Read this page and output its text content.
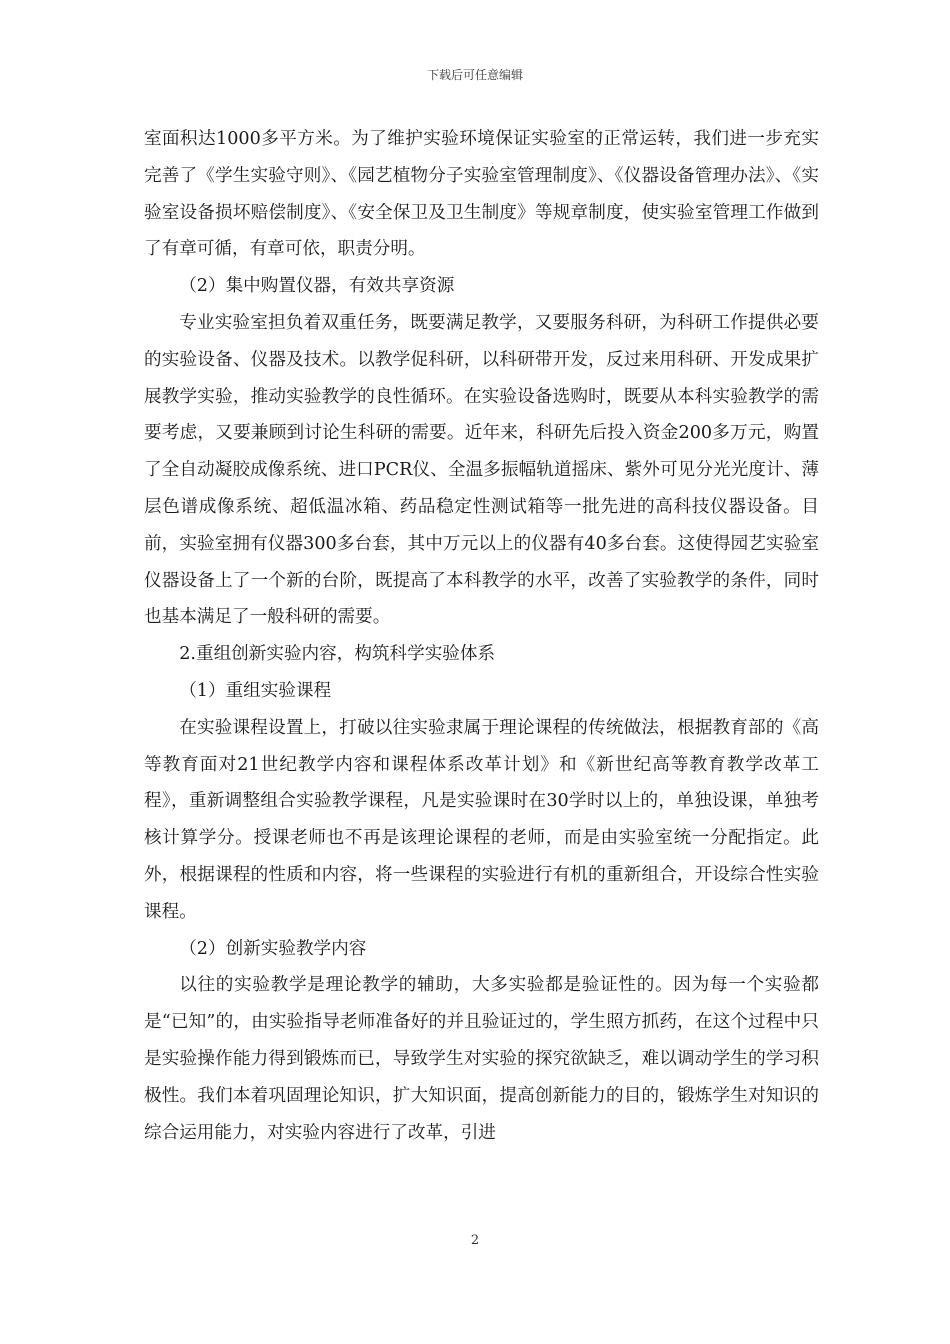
下载后可任意编辑

室面积达1000多平方米。为了维护实验环境保证实验室的正常运转，我们进一步充实完善了《学生实验守则》、《园艺植物分子实验室管理制度》、《仪器设备管理办法》、《实验室设备损坏赔偿制度》、《安全保卫及卫生制度》等规章制度，使实验室管理工作做到了有章可循，有章可依，职责分明。

（2）集中购置仪器，有效共享资源

专业实验室担负着双重任务，既要满足教学，又要服务科研，为科研工作提供必要的实验设备、仪器及技术。以教学促科研，以科研带开发，反过来用科研、开发成果扩展教学实验，推动实验教学的良性循环。在实验设备选购时，既要从本科实验教学的需要考虑，又要兼顾到讨论生科研的需要。近年来，科研先后投入资金200多万元，购置了全自动凝胶成像系统、进口PCR仪、全温多振幅轨道摇床、紫外可见分光光度计、薄层色谱成像系统、超低温冰箱、药品稳定性测试箱等一批先进的高科技仪器设备。目前，实验室拥有仪器300多台套，其中万元以上的仪器有40多台套。这使得园艺实验室仪器设备上了一个新的台阶，既提高了本科教学的水平，改善了实验教学的条件，同时也基本满足了一般科研的需要。

2.重组创新实验内容，构筑科学实验体系

（1）重组实验课程

在实验课程设置上，打破以往实验隶属于理论课程的传统做法，根据教育部的《高等教育面对21世纪教学内容和课程体系改革计划》和《新世纪高等教育教学改革工程》，重新调整组合实验教学课程，凡是实验课时在30学时以上的，单独设课，单独考核计算学分。授课老师也不再是该理论课程的老师，而是由实验室统一分配指定。此外，根据课程的性质和内容，将一些课程的实验进行有机的重新组合，开设综合性实验课程。

（2）创新实验教学内容

以往的实验教学是理论教学的辅助，大多实验都是验证性的。因为每一个实验都是“已知”的，由实验指导老师准备好的并且验证过的，学生照方抓药，在这个过程中只是实验操作能力得到锻炼而已，导致学生对实验的探究欲缺乏，难以调动学生的学习积极性。我们本着巩固理论知识，扩大知识面，提高创新能力的目的，锻炼学生对知识的综合运用能力，对实验内容进行了改革，引进

2
